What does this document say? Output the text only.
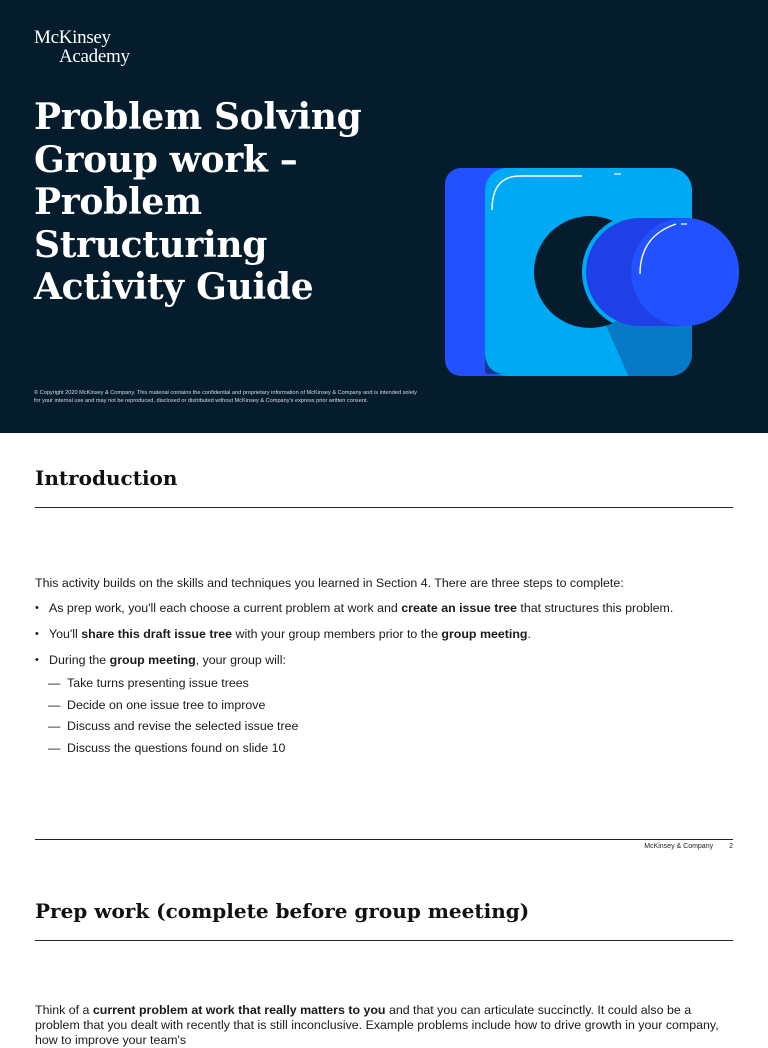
McKinsey
Academy
Problem Solving
Group work –
Problem
Structuring
Activity Guide
© Copyright 2020 McKinsey & Company. This material contains the confidential and proprietary information of McKinsey & Company and is intended solely for your internal use and may not be reproduced, disclosed or distributed without McKinsey & Company's express prior written consent.
Introduction

This activity builds on the skills and techniques you learned in Section 4. There are three steps to complete:

• As prep work, you'll each choose a current problem at work and create an issue tree that structures this problem.
• You'll share this draft issue tree with your group members prior to the group meeting.
• During the group meeting, your group will:
— Take turns presenting issue trees
— Decide on one issue tree to improve
— Discuss and revise the selected issue tree
— Discuss the questions found on slide 10
McKinsey & Company 2
Prep work (complete before group meeting)

Think of a current problem at work that really matters to you and that you can articulate succinctly. It could also be a problem that you dealt with recently that is still inconclusive. Example problems include how to drive growth in your company, how to improve your team's
